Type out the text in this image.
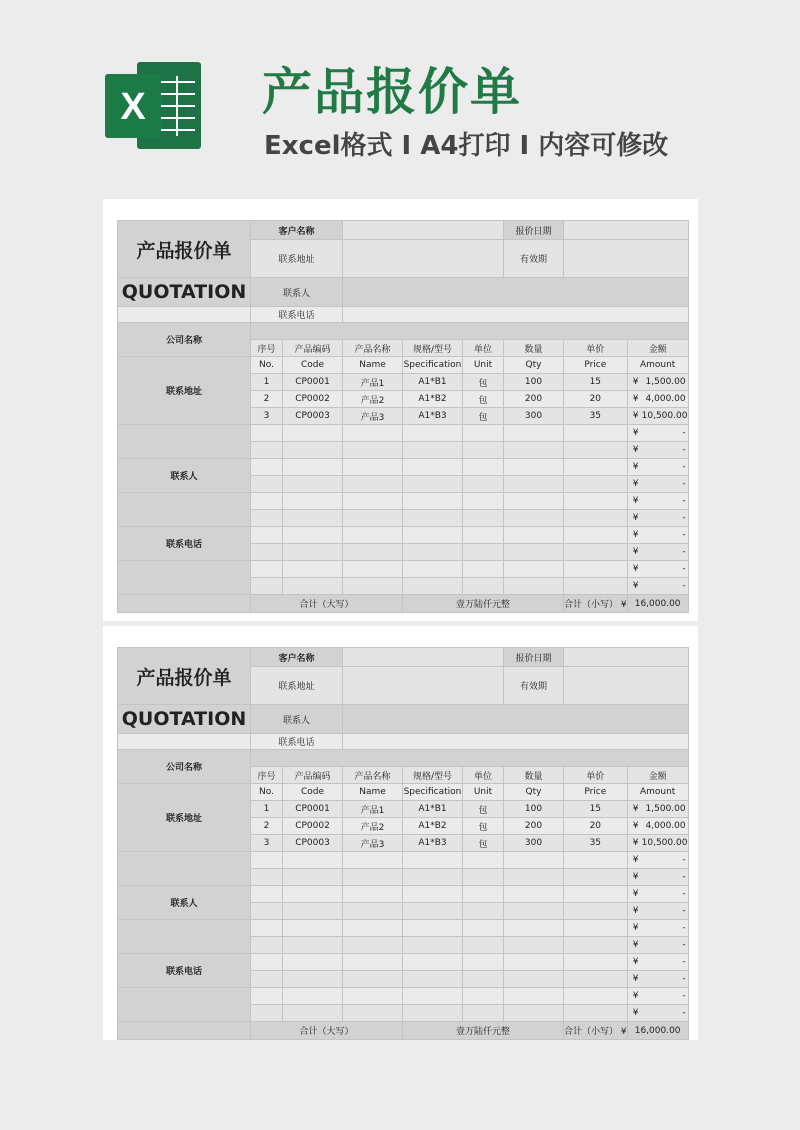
X 产品报价单
Excel格式 I A4打印 I 内容可修改
产品报价单	客户名称					报价日期		
	联系地址					有效期		

QUOTATION	联系人							
	联系电话							
公司名称								
	序号	产品编码	产品名称	规格/型号	单位	数量	单价	金额
联系地址	No.	Code	Name	Specification	Unit	Qty	Price	Amount
	1	CP0001	产品1	A1*B1	包	100	15	¥ 1,500.00
	2	CP0002	产品2	A1*B2	包	200	20	¥ 4,000.00
	3	CP0003	产品3	A1*B3	包	300	35	¥ 10,500.00
								¥ -
								¥ -
联系人								¥ -
								¥ -
								¥ -
								¥ -
联系电话								¥ -
								¥ -
								¥ -
								¥ -
	合计（大写）			壹万陆仟元整			合计（小写） ¥	16,000.00
产品报价单	客户名称					报价日期		
	联系地址					有效期		

QUOTATION	联系人							
	联系电话							
公司名称								
	序号	产品编码	产品名称	规格/型号	单位	数量	单价	金额
联系地址	No.	Code	Name	Specification	Unit	Qty	Price	Amount
	1	CP0001	产品1	A1*B1	包	100	15	¥ 1,500.00
	2	CP0002	产品2	A1*B2	包	200	20	¥ 4,000.00
	3	CP0003	产品3	A1*B3	包	300	35	¥ 10,500.00
								¥ -
								¥ -
联系人								¥ -
								¥ -
								¥ -
								¥ -
联系电话								¥ -
								¥ -
								¥ -
								¥ -
	合计（大写）			壹万陆仟元整			合计（小写） ¥	16,000.00
